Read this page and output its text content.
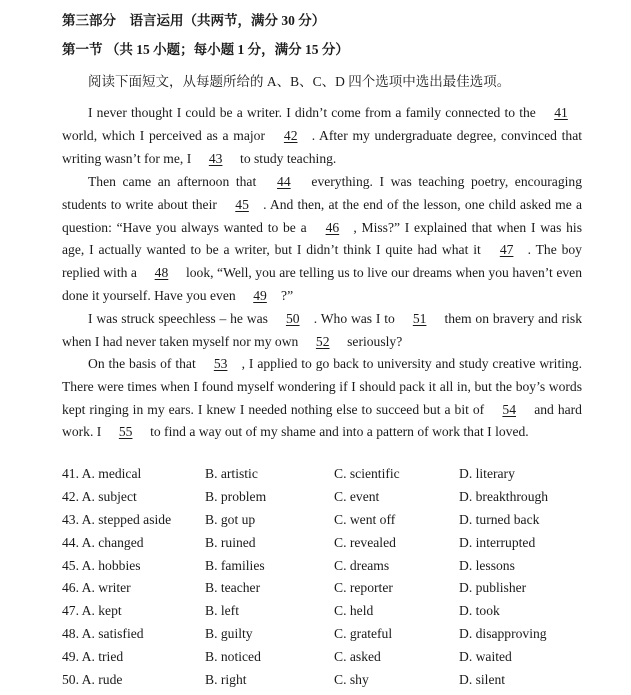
第三部分　语言运用（共两节，满分 30 分）
第一节 （共 15 小题；每小题 1 分，满分 15 分）
阅读下面短文，从每题所给的 A、B、C、D 四个选项中选出最佳选项。
I never thought I could be a writer. I didn’t come from a family connected to the 41 world, which I perceived as a major 42 . After my undergraduate degree, convinced that writing wasn’t for me, I 43 to study teaching.
Then came an afternoon that 44 everything. I was teaching poetry, encouraging students to write about their 45 . And then, at the end of the lesson, one child asked me a question: “Have you always wanted to be a 46 , Miss?” I explained that when I was his age, I actually wanted to be a writer, but I didn’t think I quite had what it 47 . The boy replied with a 48 look, “Well, you are telling us to live our dreams when you haven’t even done it yourself. Have you even 49 ?”
I was struck speechless – he was 50 . Who was I to 51 them on bravery and risk when I had never taken myself nor my own 52 seriously?
On the basis of that 53 , I applied to go back to university and study creative writing. There were times when I found myself wondering if I should pack it all in, but the boy’s words kept ringing in my ears. I knew I needed nothing else to succeed but a bit of 54 and hard work. I 55 to find a way out of my shame and into a pattern of work that I loved.
41. A. medical	B. artistic	C. scientific	D. literary
42. A. subject	B. problem	C. event	D. breakthrough
43. A. stepped aside B. got up	C. went off	D. turned back
44. A. changed	B. ruined	C. revealed	D. interrupted
45. A. hobbies	B. families	C. dreams	D. lessons
46. A. writer	B. teacher	C. reporter	D. publisher
47. A. kept	B. left	C. held	D. took
48. A. satisfied	B. guilty	C. grateful	D. disapproving
49. A. tried	B. noticed	C. asked	D. waited
50. A. rude	B. right	C. shy	D. silent
